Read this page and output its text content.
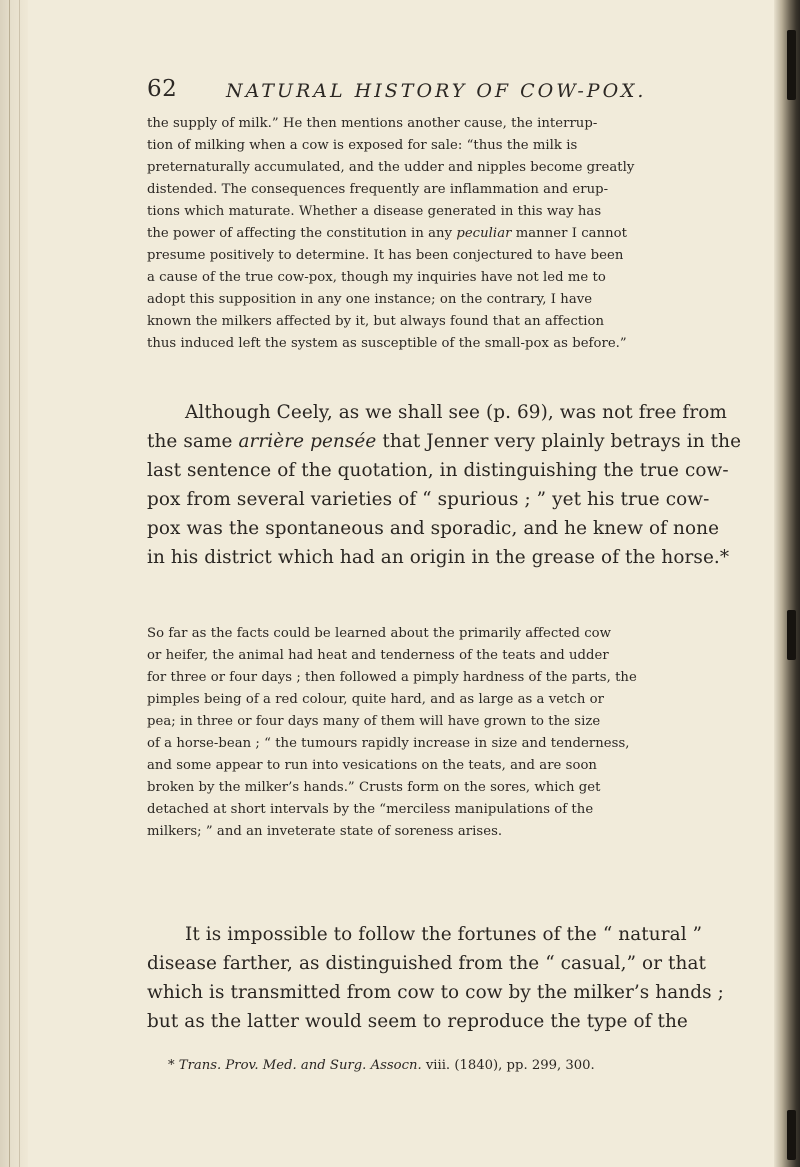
62	NATURAL HISTORY OF COW-POX.

the supply of milk.” He then mentions another cause, the interrup-
tion of milking when a cow is exposed for sale: “thus the milk is
preternaturally accumulated, and the udder and nipples become greatly
distended. The consequences frequently are inflammation and erup-
tions which maturate. Whether a disease generated in this way has
the power of affecting the constitution in any peculiar manner I cannot
presume positively to determine. It has been conjectured to have been
a cause of the true cow-pox, though my inquiries have not led me to
adopt this supposition in any one instance; on the contrary, I have
known the milkers affected by it, but always found that an affection
thus induced left the system as susceptible of the small-pox as before.”

Although Ceely, as we shall see (p. 69), was not free from
the same arrière pensée that Jenner very plainly betrays in the
last sentence of the quotation, in distinguishing the true cow-
pox from several varieties of “ spurious ; ” yet his true cow-
pox was the spontaneous and sporadic, and he knew of none
in his district which had an origin in the grease of the horse.*

So far as the facts could be learned about the primarily affected cow
or heifer, the animal had heat and tenderness of the teats and udder
for three or four days ; then followed a pimply hardness of the parts, the
pimples being of a red colour, quite hard, and as large as a vetch or
pea; in three or four days many of them will have grown to the size
of a horse-bean ; “ the tumours rapidly increase in size and tenderness,
and some appear to run into vesications on the teats, and are soon
broken by the milker’s hands.” Crusts form on the sores, which get
detached at short intervals by the “merciless manipulations of the
milkers; ” and an inveterate state of soreness arises.

It is impossible to follow the fortunes of the “ natural ”
disease farther, as distinguished from the “ casual,” or that
which is transmitted from cow to cow by the milker’s hands ;
but as the latter would seem to reproduce the type of the

* Trans. Prov. Med. and Surg. Assocn. viii. (1840), pp. 299, 300.
